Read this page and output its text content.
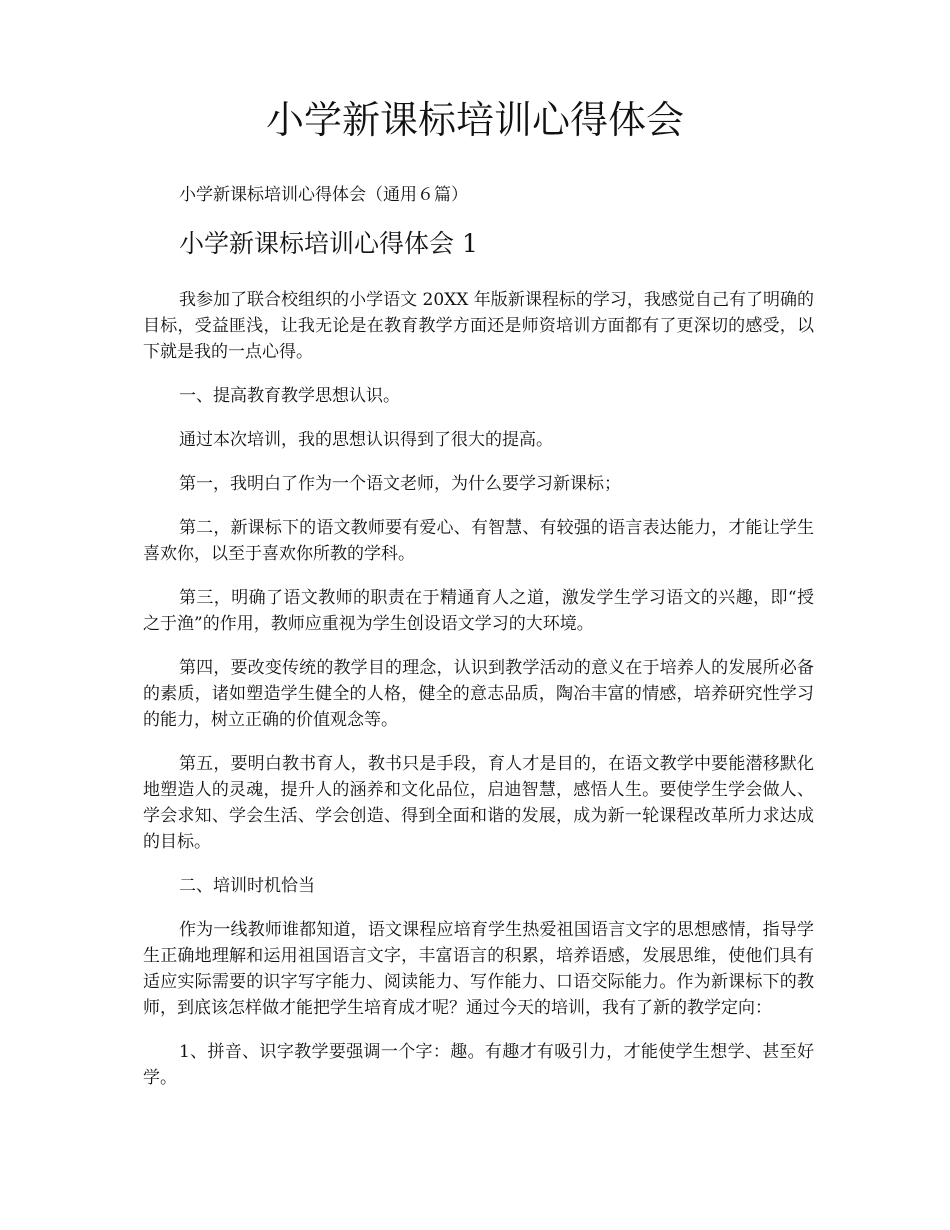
小学新课标培训心得体会

小学新课标培训心得体会（通用６篇）

小学新课标培训心得体会 1

我参加了联合校组织的小学语文 20XX 年版新课程标的学习，我感觉自己有了明确的目标，受益匪浅，让我无论是在教育教学方面还是师资培训方面都有了更深切的感受，以下就是我的一点心得。

一、提高教育教学思想认识。

通过本次培训，我的思想认识得到了很大的提高。

第一，我明白了作为一个语文老师，为什么要学习新课标；

第二，新课标下的语文教师要有爱心、有智慧、有较强的语言表达能力，才能让学生喜欢你，以至于喜欢你所教的学科。

第三，明确了语文教师的职责在于精通育人之道，激发学生学习语文的兴趣，即“授之于渔”的作用，教师应重视为学生创设语文学习的大环境。

第四，要改变传统的教学目的理念，认识到教学活动的意义在于培养人的发展所必备的素质，诸如塑造学生健全的人格，健全的意志品质，陶冶丰富的情感，培养研究性学习的能力，树立正确的价值观念等。

第五，要明白教书育人，教书只是手段，育人才是目的，在语文教学中要能潜移默化地塑造人的灵魂，提升人的涵养和文化品位，启迪智慧，感悟人生。要使学生学会做人、学会求知、学会生活、学会创造、得到全面和谐的发展，成为新一轮课程改革所力求达成的目标。

二、培训时机恰当

作为一线教师谁都知道，语文课程应培育学生热爱祖国语言文字的思想感情，指导学生正确地理解和运用祖国语言文字，丰富语言的积累，培养语感，发展思维，使他们具有适应实际需要的识字写字能力、阅读能力、写作能力、口语交际能力。作为新课标下的教师，到底该怎样做才能把学生培育成才呢？通过今天的培训，我有了新的教学定向：

1、拼音、识字教学要强调一个字：趣。有趣才有吸引力，才能使学生想学、甚至好学。
